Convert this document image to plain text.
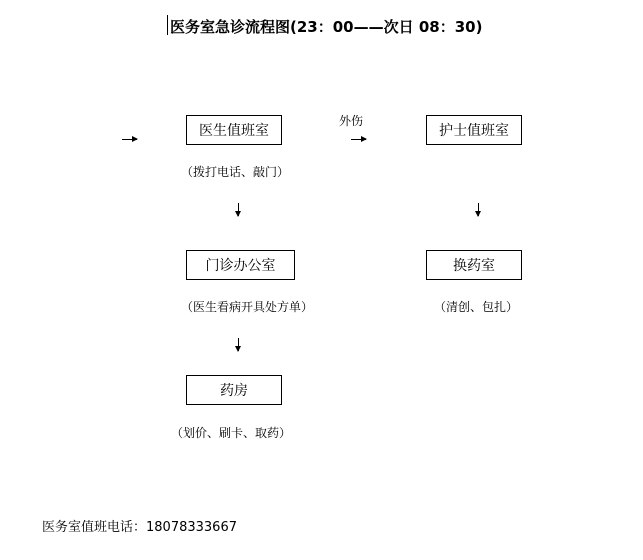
医务室急诊流程图(23：00——次日 08：30)
医生值班室
（拨打电话、敲门）
外伤
护士值班室
门诊办公室
（医生看病开具处方单）
换药室
（清创、包扎）
药房
（划价、刷卡、取药）
医务室值班电话：18078333667
